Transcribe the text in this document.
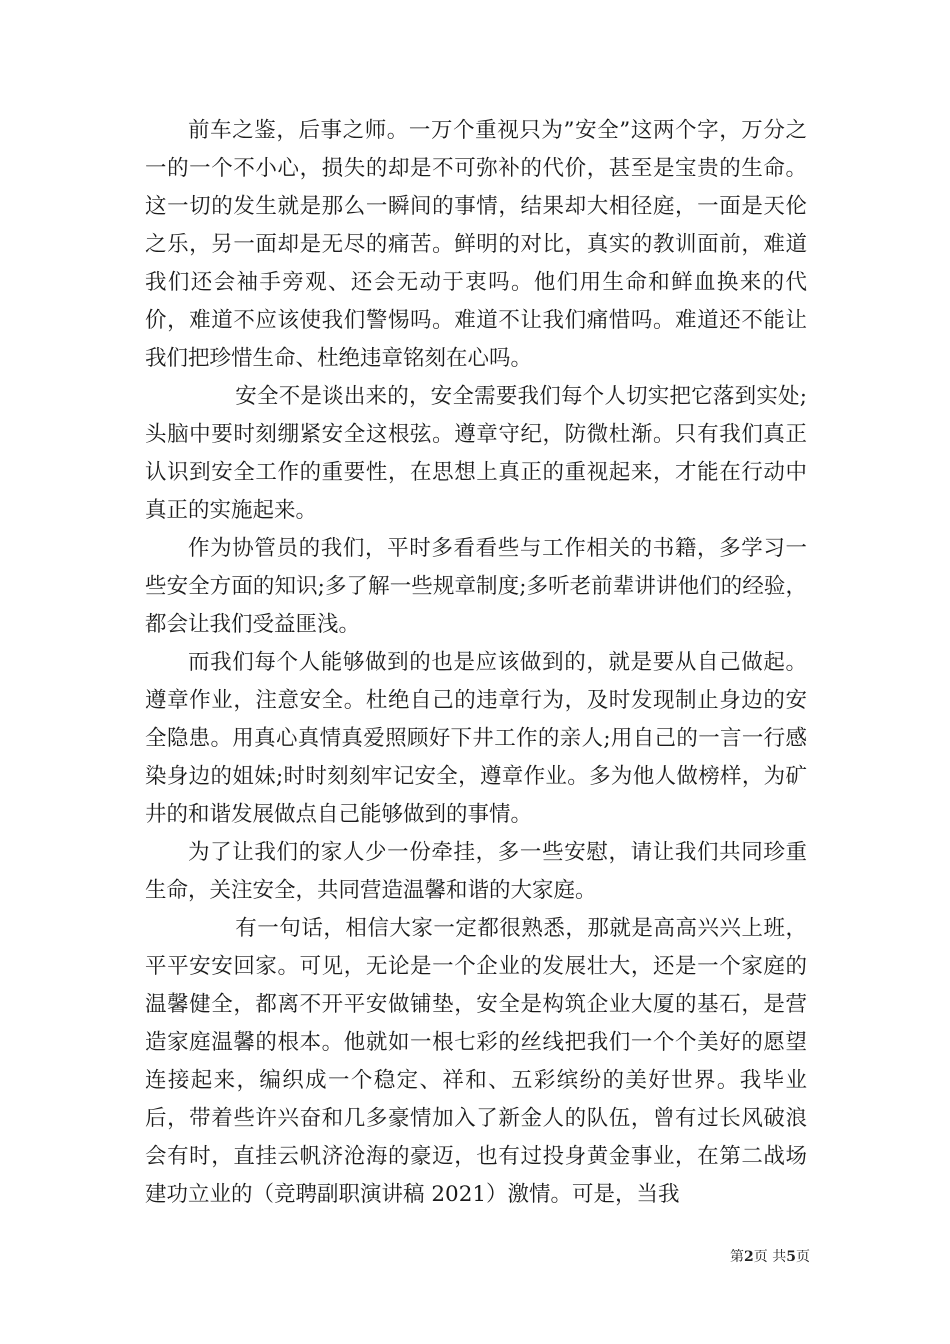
前车之鉴，后事之师。一万个重视只为”安全”这两个字，万分之一的一个不小心，损失的却是不可弥补的代价，甚至是宝贵的生命。这一切的发生就是那么一瞬间的事情，结果却大相径庭，一面是天伦之乐，另一面却是无尽的痛苦。鲜明的对比，真实的教训面前，难道我们还会袖手旁观、还会无动于衷吗。他们用生命和鲜血换来的代价，难道不应该使我们警惕吗。难道不让我们痛惜吗。难道还不能让我们把珍惜生命、杜绝违章铭刻在心吗。

安全不是谈出来的，安全需要我们每个人切实把它落到实处;头脑中要时刻绷紧安全这根弦。遵章守纪，防微杜渐。只有我们真正认识到安全工作的重要性，在思想上真正的重视起来，才能在行动中真正的实施起来。

作为协管员的我们，平时多看看些与工作相关的书籍，多学习一些安全方面的知识;多了解一些规章制度;多听老前辈讲讲他们的经验，都会让我们受益匪浅。

而我们每个人能够做到的也是应该做到的，就是要从自己做起。遵章作业，注意安全。杜绝自己的违章行为，及时发现制止身边的安全隐患。用真心真情真爱照顾好下井工作的亲人;用自己的一言一行感染身边的姐妹;时时刻刻牢记安全，遵章作业。多为他人做榜样，为矿井的和谐发展做点自己能够做到的事情。

为了让我们的家人少一份牵挂，多一些安慰，请让我们共同珍重生命，关注安全，共同营造温馨和谐的大家庭。

有一句话，相信大家一定都很熟悉，那就是高高兴兴上班，平平安安回家。可见，无论是一个企业的发展壮大，还是一个家庭的温馨健全，都离不开平安做铺垫，安全是构筑企业大厦的基石，是营造家庭温馨的根本。他就如一根七彩的丝线把我们一个个美好的愿望连接起来，编织成一个稳定、祥和、五彩缤纷的美好世界。我毕业后，带着些许兴奋和几多豪情加入了新金人的队伍，曾有过长风破浪会有时，直挂云帆济沧海的豪迈，也有过投身黄金事业，在第二战场建功立业的（竞聘副职演讲稿 2021）激情。可是，当我

第2页 共5页
